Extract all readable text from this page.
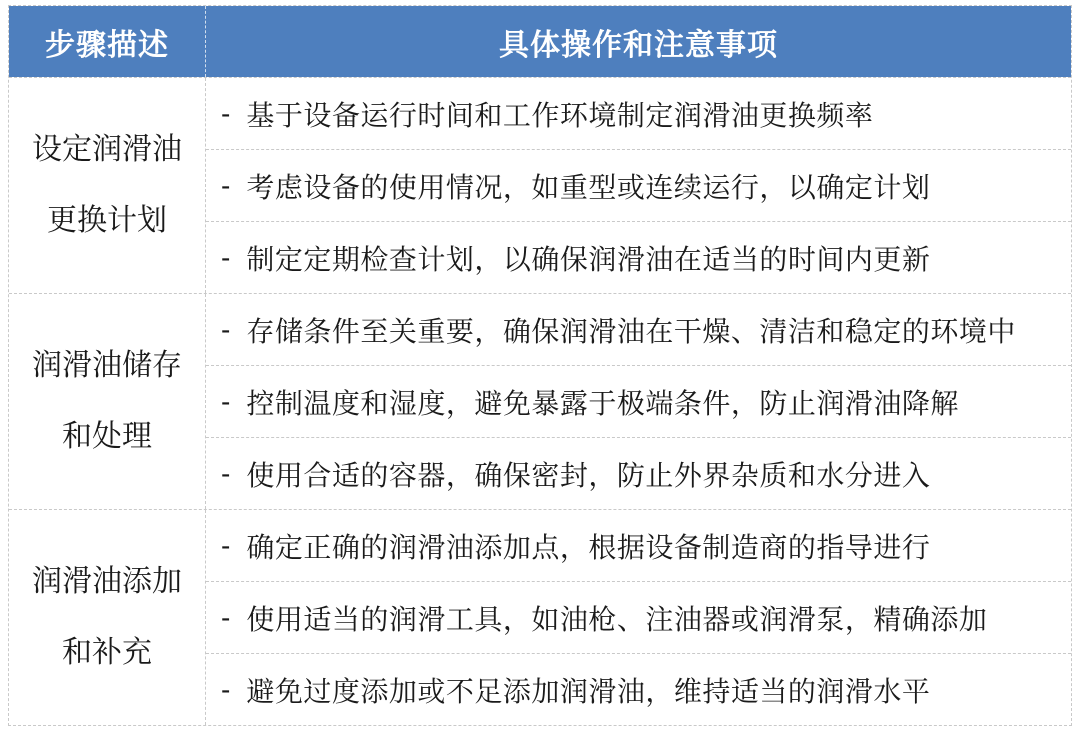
步骤描述	具体操作和注意事项
设定润滑油
更换计划
- 基于设备运行时间和工作环境制定润滑油更换频率
- 考虑设备的使用情况，如重型或连续运行，以确定计划
- 制定定期检查计划，以确保润滑油在适当的时间内更新
润滑油储存
和处理
- 存储条件至关重要，确保润滑油在干燥、清洁和稳定的环境中
- 控制温度和湿度，避免暴露于极端条件，防止润滑油降解
- 使用合适的容器，确保密封，防止外界杂质和水分进入
润滑油添加
和补充
- 确定正确的润滑油添加点，根据设备制造商的指导进行
- 使用适当的润滑工具，如油枪、注油器或润滑泵，精确添加
- 避免过度添加或不足添加润滑油，维持适当的润滑水平
